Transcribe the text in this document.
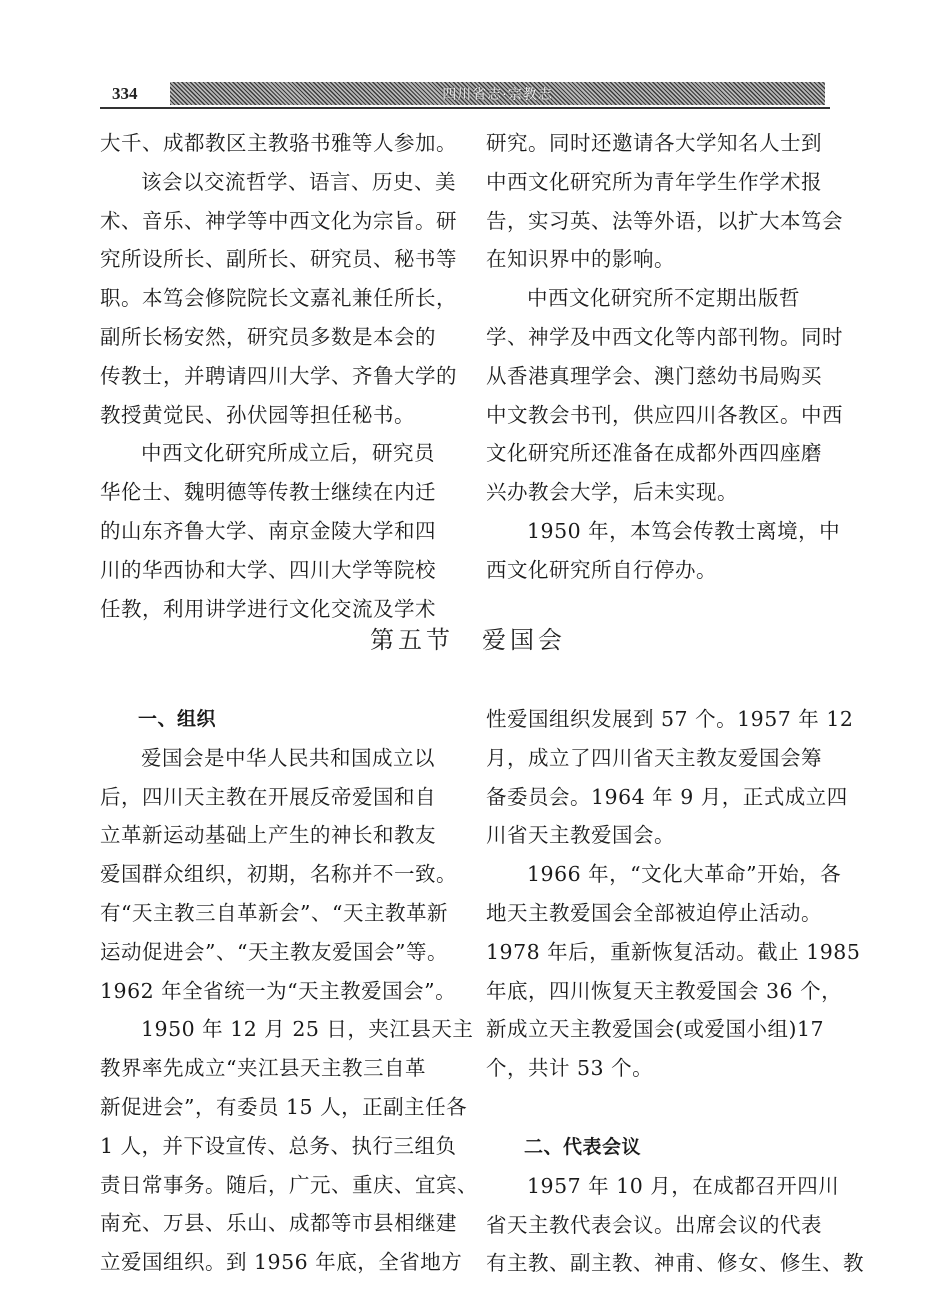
334	四川省志·宗教志

大千、成都教区主教骆书雅等人参加。

该会以交流哲学、语言、历史、美
术、音乐、神学等中西文化为宗旨。研
究所设所长、副所长、研究员、秘书等
职。本笃会修院院长文嘉礼兼任所长，
副所长杨安然，研究员多数是本会的
传教士，并聘请四川大学、齐鲁大学的
教授黄觉民、孙伏园等担任秘书。

中西文化研究所成立后，研究员
华伦士、魏明德等传教士继续在内迁
的山东齐鲁大学、南京金陵大学和四
川的华西协和大学、四川大学等院校
任教，利用讲学进行文化交流及学术

研究。同时还邀请各大学知名人士到
中西文化研究所为青年学生作学术报
告，实习英、法等外语，以扩大本笃会
在知识界中的影响。

中西文化研究所不定期出版哲
学、神学及中西文化等内部刊物。同时
从香港真理学会、澳门慈幼书局购买
中文教会书刊，供应四川各教区。中西
文化研究所还准备在成都外西四座磨
兴办教会大学，后未实现。

1950 年，本笃会传教士离境，中
西文化研究所自行停办。

第五节 爱国会
一、组织

爱国会是中华人民共和国成立以
后，四川天主教在开展反帝爱国和自
立革新运动基础上产生的神长和教友
爱国群众组织，初期，名称并不一致。
有“天主教三自革新会”、“天主教革新
运动促进会”、“天主教友爱国会”等。
1962 年全省统一为“天主教爱国会”。

1950 年 12 月 25 日，夹江县天主
教界率先成立“夹江县天主教三自革
新促进会”，有委员 15 人，正副主任各
1 人，并下设宣传、总务、执行三组负
责日常事务。随后，广元、重庆、宜宾、
南充、万县、乐山、成都等市县相继建
立爱国组织。到 1956 年底，全省地方

性爱国组织发展到 57 个。1957 年 12
月，成立了四川省天主教友爱国会筹
备委员会。1964 年 9 月，正式成立四
川省天主教爱国会。

1966 年，“文化大革命”开始，各
地天主教爱国会全部被迫停止活动。
1978 年后，重新恢复活动。截止 1985
年底，四川恢复天主教爱国会 36 个，
新成立天主教爱国会(或爱国小组)17
个，共计 53 个。

二、代表会议

1957 年 10 月，在成都召开四川
省天主教代表会议。出席会议的代表
有主教、副主教、神甫、修女、修生、教
